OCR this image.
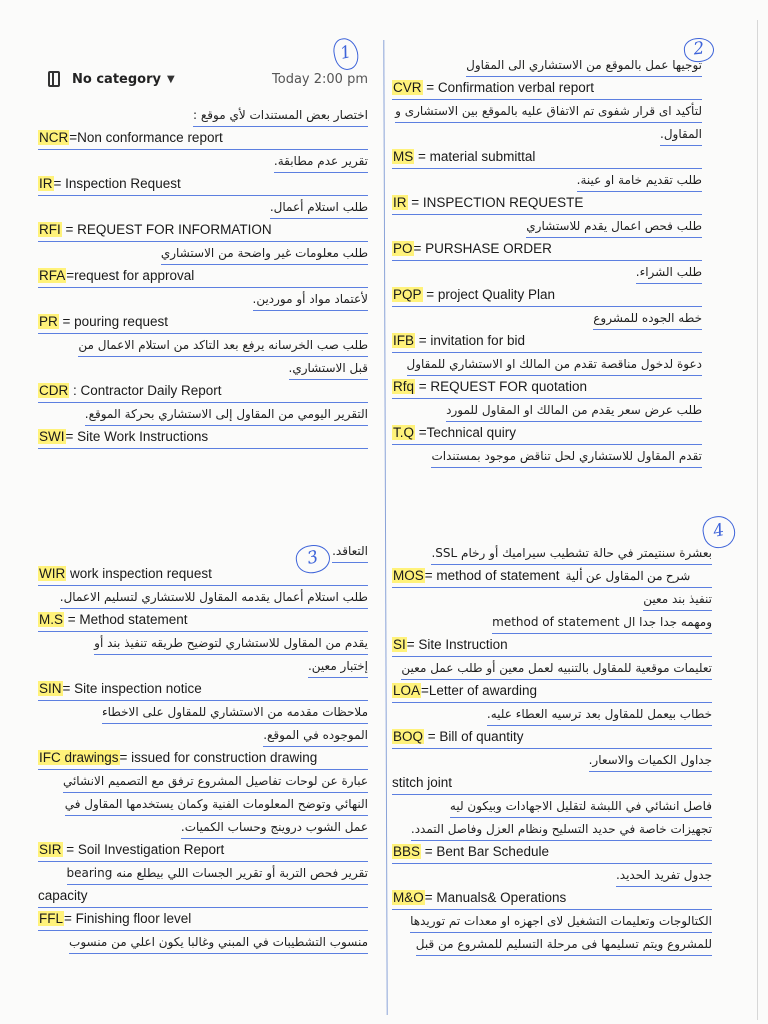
1	2
3
4
No category ▼	Today 2:00 pm
اختصار بعض المستندات لأي موقع :
NCR=Non conformance report
تقرير عدم مطابقة.
IR= Inspection Request
طلب استلام أعمال.
RFI = REQUEST FOR INFORMATION
طلب معلومات غير واضحة من الاستشاري
RFA=request for approval
لأعتماد مواد أو موردين.
PR = pouring request
طلب صب الخرسانه يرفع بعد التاكد من استلام الاعمال من
قبل الاستشاري.
CDR : Contractor Daily Report
التقرير اليومي من المقاول إلى الاستشاري بحركة الموقع.
SWI= Site Work Instructions
توجيها عمل بالموقع من الاستشاري الى المقاول
CVR = Confirmation verbal report
لتأكيد اى قرار شفوى تم الاتفاق عليه بالموقع بين الاستشارى و
المقاول.
MS = material submittal
طلب تقديم خامة او عينة.
IR = INSPECTION REQUESTE
طلب فحص اعمال يقدم للاستشاري
PO= PURSHASE ORDER
طلب الشراء.
PQP = project Quality Plan
خطه الجوده للمشروع
IFB = invitation for bid
دعوة لدخول مناقصة تقدم من المالك او الاستشاري للمقاول
Rfq = REQUEST FOR quotation
طلب عرض سعر يقدم من المالك او المقاول للمورد
T.Q =Technical quiry
تقدم المقاول للاستشاري لحل تناقض موجود بمستندات
التعاقد.
WIR work inspection request
طلب استلام أعمال يقدمه المقاول للاستشاري لتسليم الاعمال.
M.S = Method statement
يقدم من المقاول للاستشاري لتوضيح طريقه تنفيذ بند أو
إختبار معين.
SIN= Site inspection notice
ملاحظات مقدمه من الاستشاري للمقاول على الاخطاء
الموجوده في الموقع.
IFC drawings= issued for construction drawing
عبارة عن لوحات تفاصيل المشروع ترفق مع التصميم الانشائي
النهائي وتوضح المعلومات الفنية وكمان يستخدمها المقاول في
عمل الشوب دروينج وحساب الكميات.
SIR = Soil Investigation Report
تقرير فحص التربة أو تقرير الجسات اللي بيطلع منه bearing
capacity
FFL= Finishing floor level
منسوب التشطيبات في المبني وغالبا يكون اعلي من منسوب
بعشرة سنتيمتر في حالة تشطيب سيراميك أو رخام SSL.
MOS= method of statement شرح من المقاول عن ألية
تنفيذ بند معين
ومهمه جدا جدا ال method of statement
SI= Site Instruction
تعليمات موقعية للمقاول بالتنبيه لعمل معين أو طلب عمل معين
LOA=Letter of awarding
خطاب بيعمل للمقاول بعد ترسيه العطاء عليه.
BOQ = Bill of quantity
جداول الكميات والاسعار.
stitch joint
فاصل انشائي في اللبشة لتقليل الاجهادات وبيكون ليه
تجهيزات خاصة في حديد التسليح ونظام العزل وفاصل التمدد.
BBS = Bent Bar Schedule
جدول تفريد الحديد.
M&O= Manuals& Operations
الكتالوجات وتعليمات التشغيل لاى اجهزه او معدات تم توريدها
للمشروع ويتم تسليمها فى مرحلة التسليم للمشروع من قبل
